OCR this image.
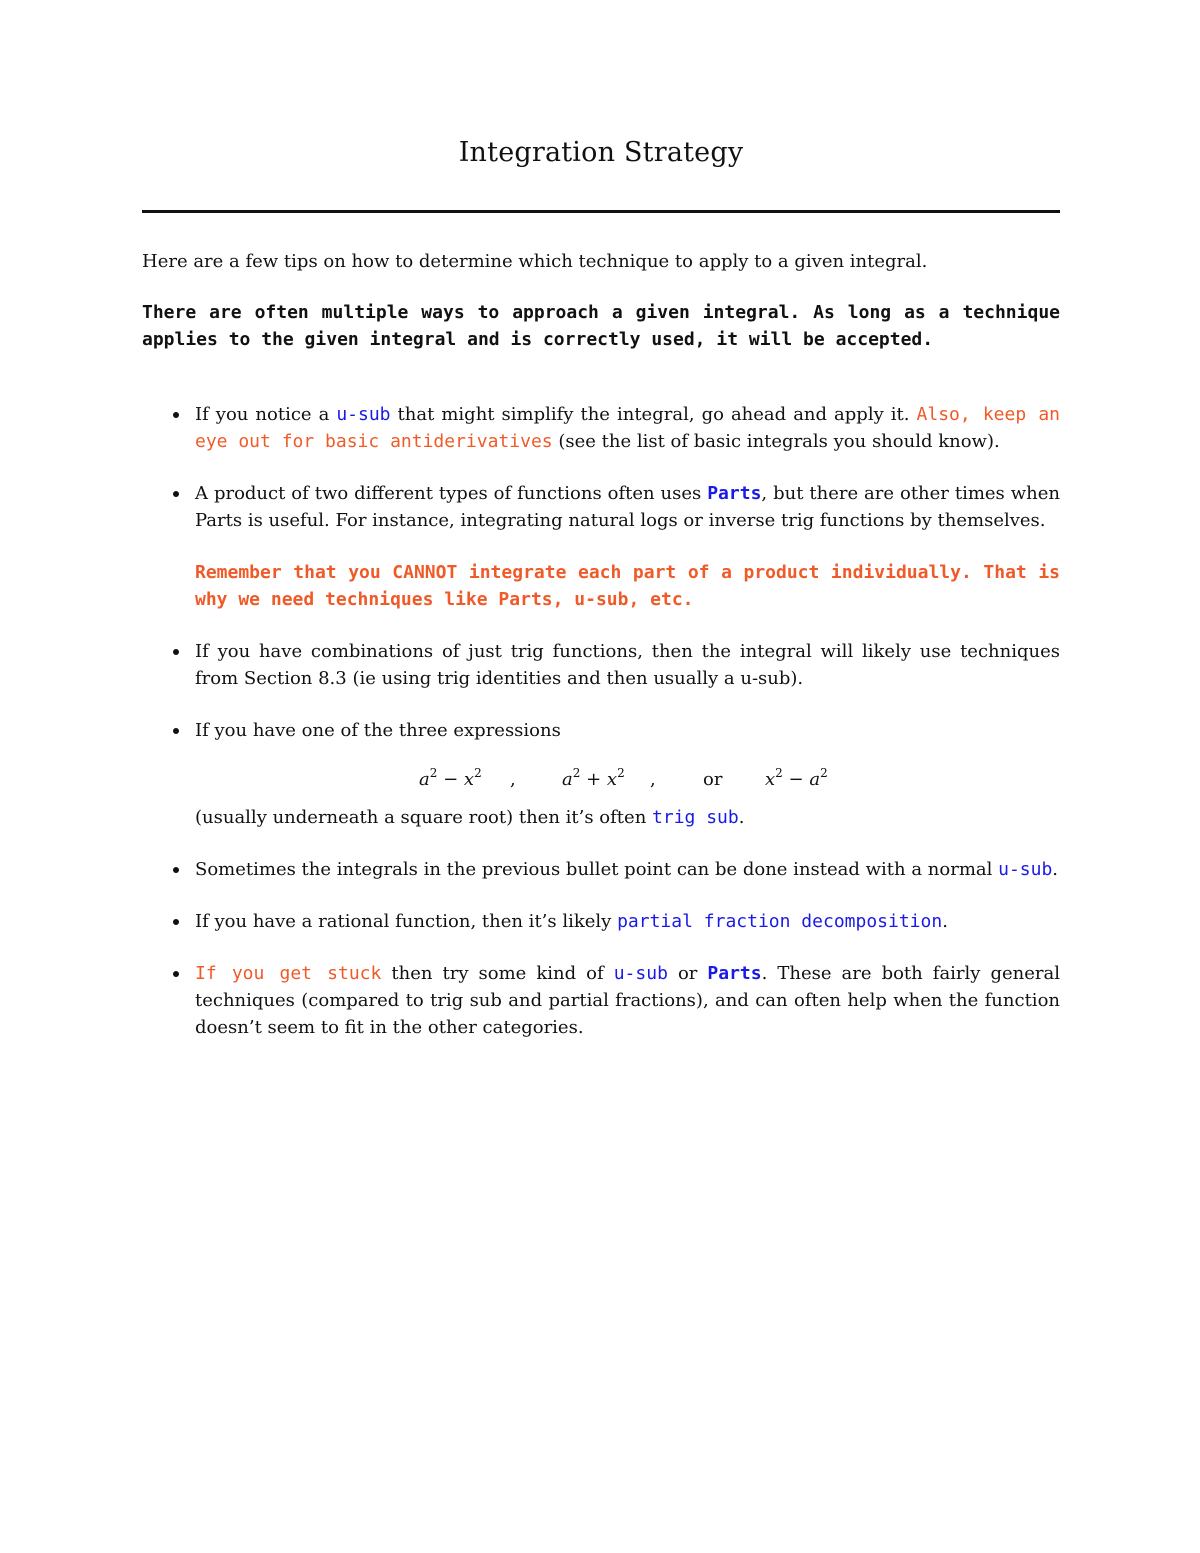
Integration Strategy
Here are a few tips on how to determine which technique to apply to a given integral.
There are often multiple ways to approach a given integral. As long as a technique applies to the given integral and is correctly used, it will be accepted.
If you notice a u-sub that might simplify the integral, go ahead and apply it. Also, keep an eye out for basic antiderivatives (see the list of basic integrals you should know).
A product of two different types of functions often uses Parts, but there are other times when Parts is useful. For instance, integrating natural logs or inverse trig functions by themselves.
Remember that you CANNOT integrate each part of a product individually. That is why we need techniques like Parts, u-sub, etc.
If you have combinations of just trig functions, then the integral will likely use techniques from Section 8.3 (ie using trig identities and then usually a u-sub).
If you have one of the three expressions
$a^2 - x^2$ ,	$a^2 + x^2$ ,	or $x^2 - a^2$
(usually underneath a square root) then it’s often trig sub.
Sometimes the integrals in the previous bullet point can be done instead with a normal u-sub.
If you have a rational function, then it’s likely partial fraction decomposition.
If you get stuck then try some kind of u-sub or Parts. These are both fairly general techniques (compared to trig sub and partial fractions), and can often help when the function doesn’t seem to fit in the other categories.
